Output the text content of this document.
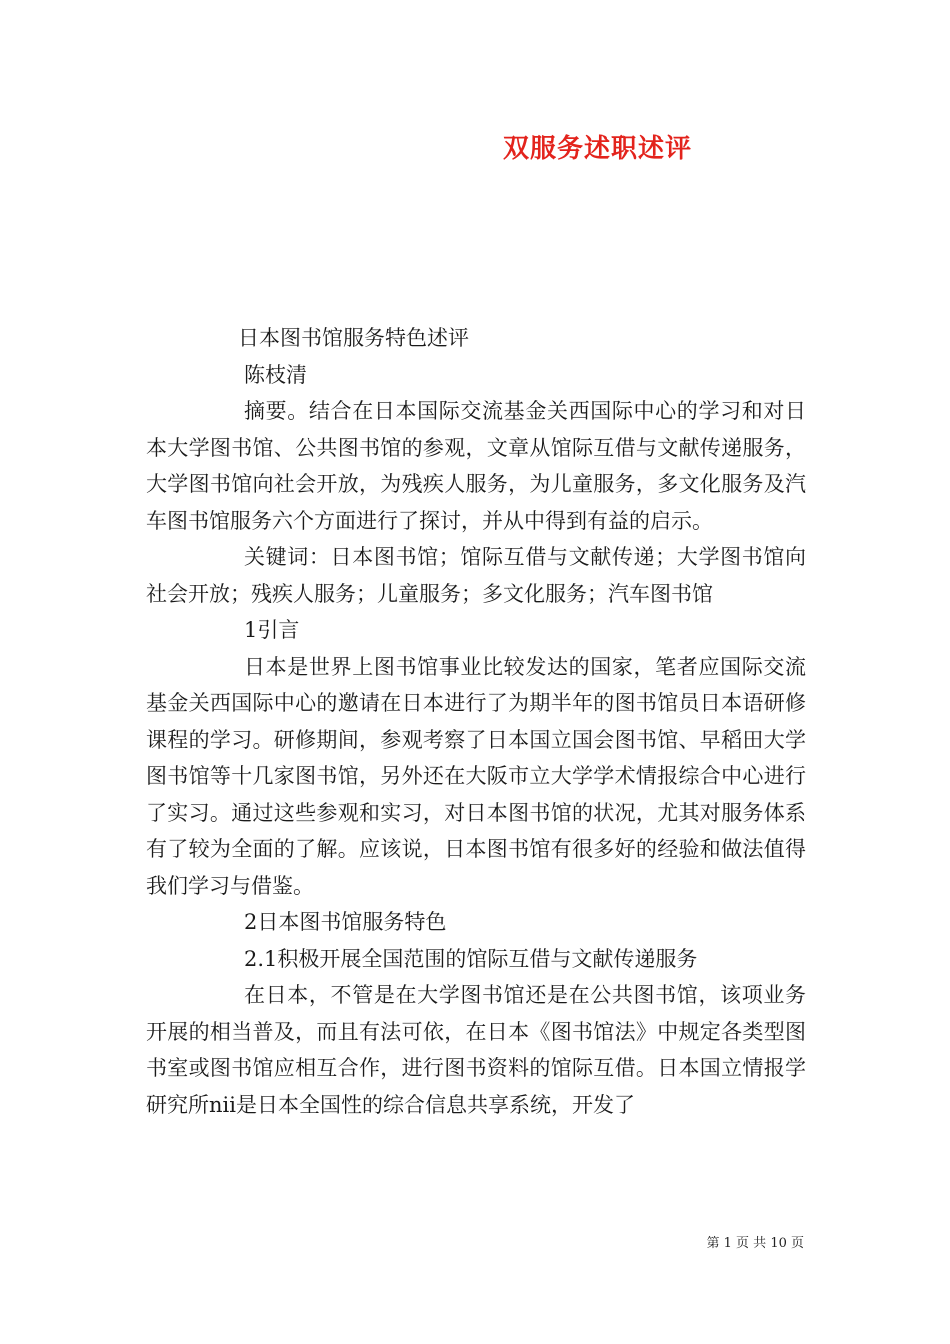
双服务述职述评

日本图书馆服务特色述评

陈枝清

摘要。结合在日本国际交流基金关西国际中心的学习和对日本大学图书馆、公共图书馆的参观，文章从馆际互借与文献传递服务，大学图书馆向社会开放，为残疾人服务，为儿童服务，多文化服务及汽车图书馆服务六个方面进行了探讨，并从中得到有益的启示。

关键词：日本图书馆；馆际互借与文献传递；大学图书馆向社会开放；残疾人服务；儿童服务；多文化服务；汽车图书馆

1引言

日本是世界上图书馆事业比较发达的国家，笔者应国际交流基金关西国际中心的邀请在日本进行了为期半年的图书馆员日本语研修课程的学习。研修期间，参观考察了日本国立国会图书馆、早稻田大学图书馆等十几家图书馆，另外还在大阪市立大学学术情报综合中心进行了实习。通过这些参观和实习，对日本图书馆的状况，尤其对服务体系有了较为全面的了解。应该说，日本图书馆有很多好的经验和做法值得我们学习与借鉴。

2日本图书馆服务特色

2.1积极开展全国范围的馆际互借与文献传递服务

在日本，不管是在大学图书馆还是在公共图书馆，该项业务开展的相当普及，而且有法可依，在日本《图书馆法》中规定各类型图书室或图书馆应相互合作，进行图书资料的馆际互借。日本国立情报学研究所nii是日本全国性的综合信息共享系统，开发了

第 1 页 共 10 页
